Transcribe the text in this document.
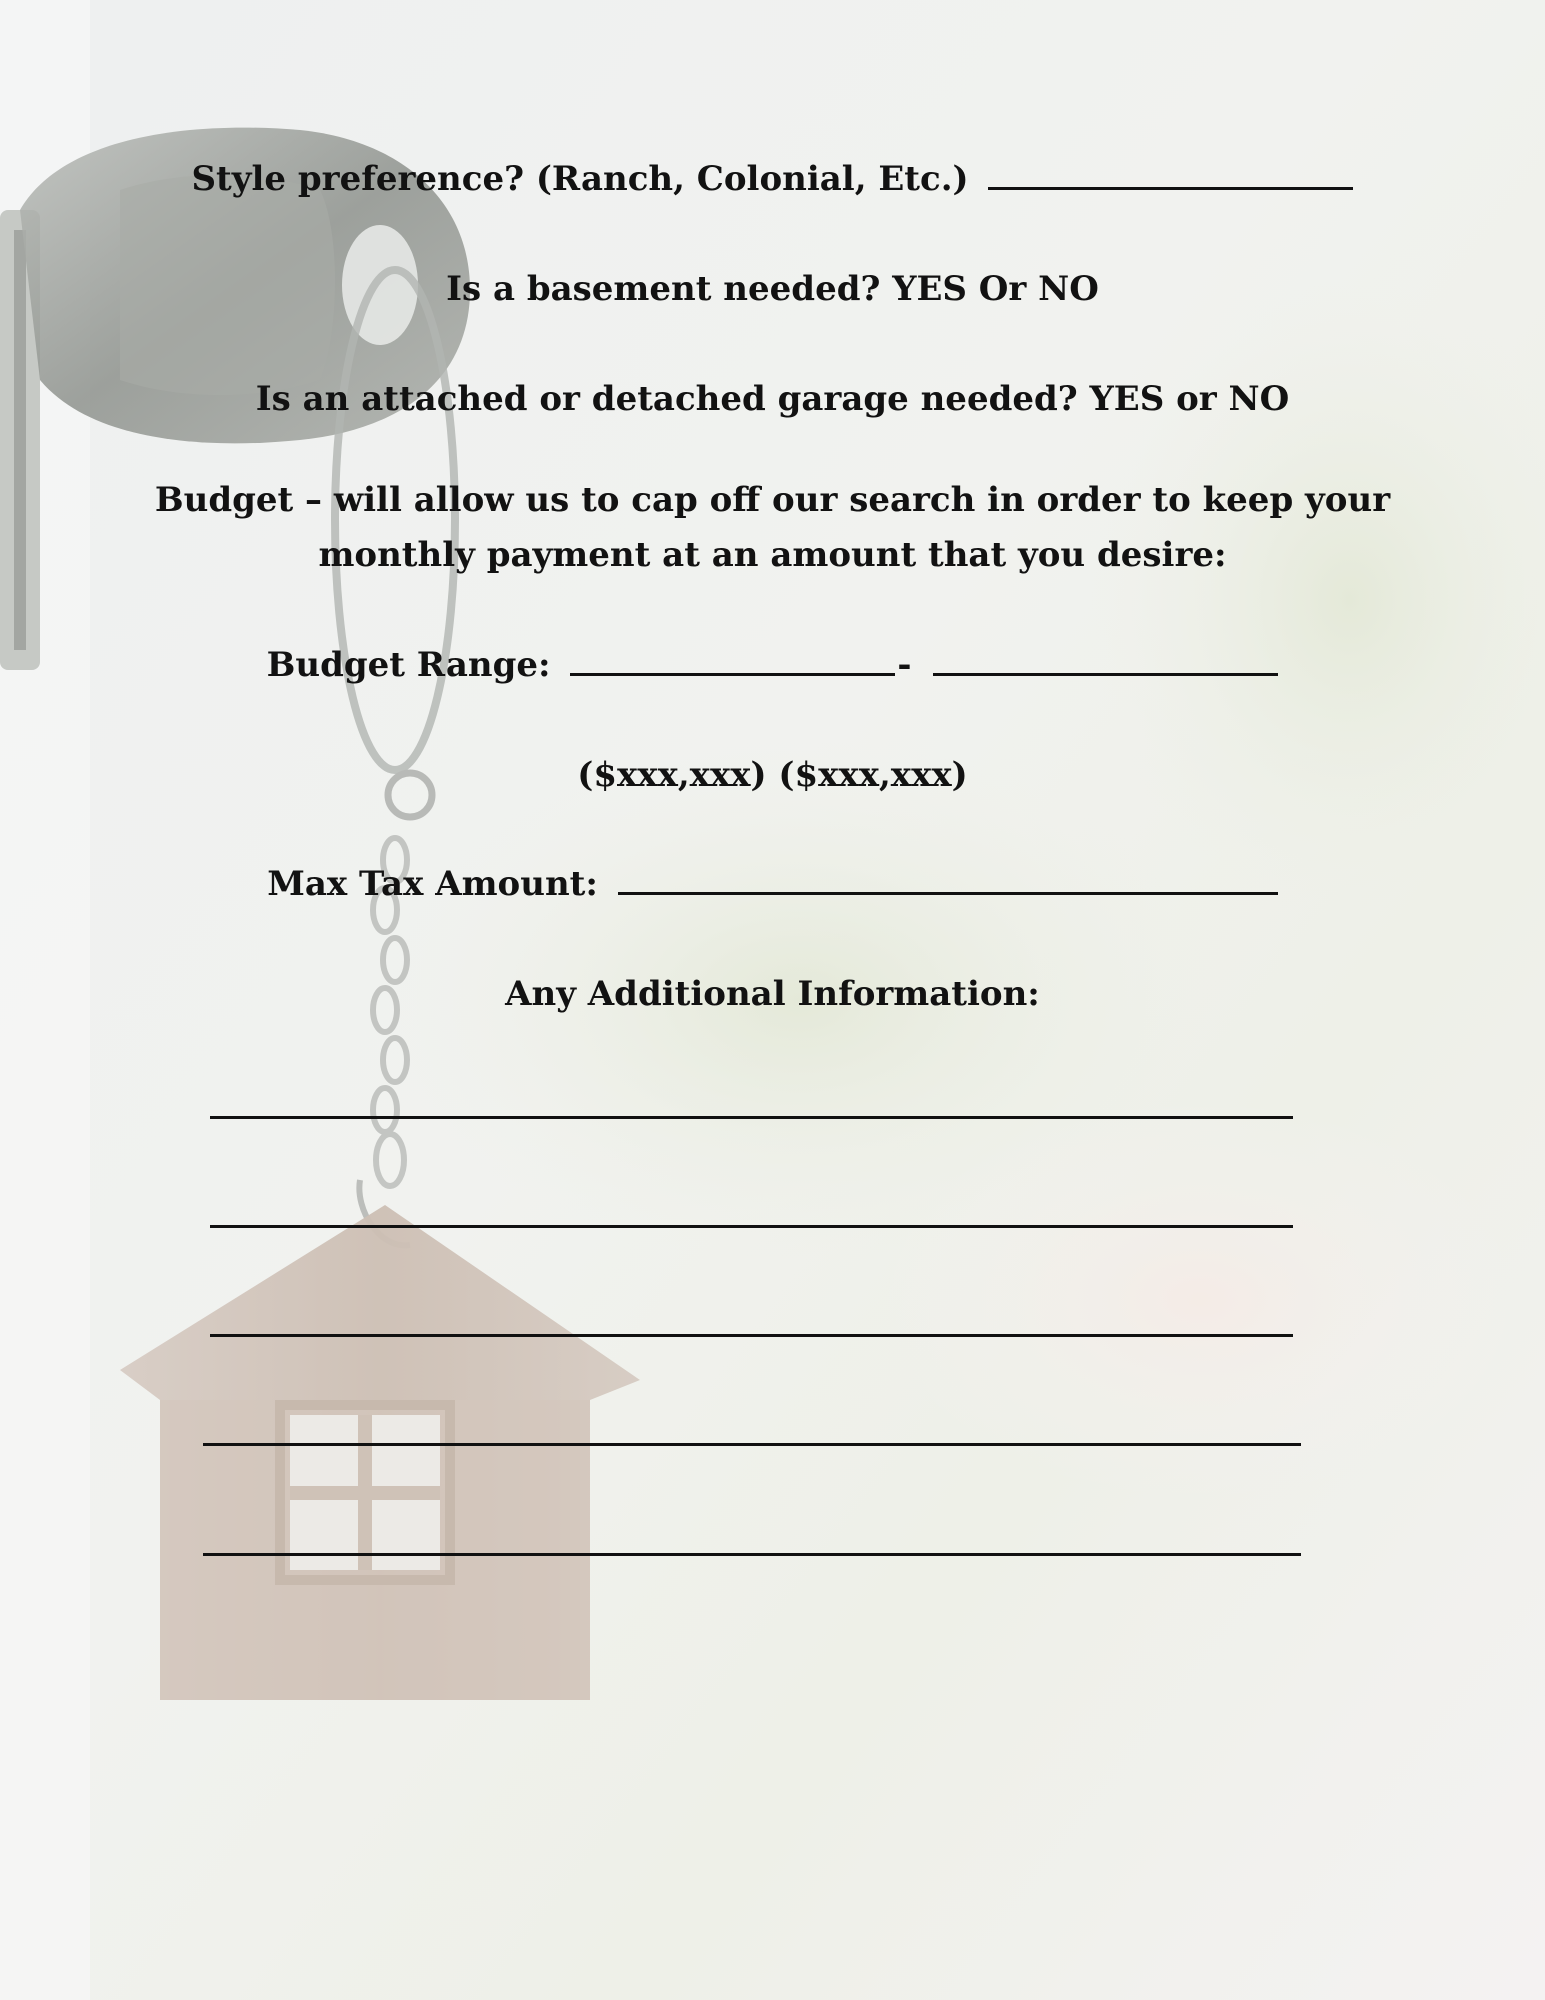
Style preference? (Ranch, Colonial, Etc.)
Is a basement needed? YES Or NO
Is an attached or detached garage needed? YES or NO
Budget – will allow us to cap off our search in order to keep your
monthly payment at an amount that you desire:
Budget Range:	-
($xxx,xxx) ($xxx,xxx)
Max Tax Amount:
Any Additional Information:
